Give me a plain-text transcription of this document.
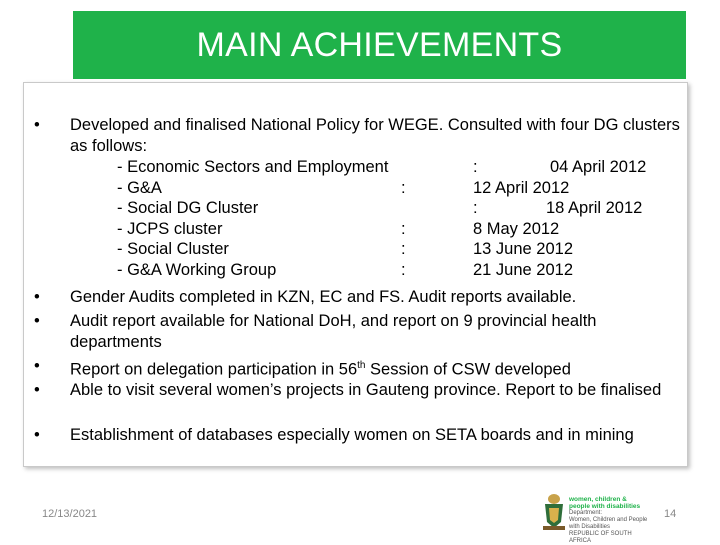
MAIN ACHIEVEMENTS
•	Developed and finalised National Policy for WEGE. Consulted with four DG clusters as follows:
- Economic Sectors and Employment	:	04 April 2012
- G&A	:	12 April 2012
- Social DG Cluster	:	18 April 2012
- JCPS cluster	:	8 May 2012
- Social Cluster	:	13 June 2012
- G&A Working Group	:	21 June 2012
•	Gender Audits completed in KZN, EC and FS. Audit reports available.
•	Audit report available for National DoH, and report on 9 provincial health departments
•	Report on delegation participation in 56th Session of CSW developed
•	Able to visit several women’s projects in Gauteng province. Report to be finalised
•	Establishment of databases especially women on SETA boards and in mining
12/13/2021
women, children &
people with disabilities
Department:
Women, Children and People with Disabilities
REPUBLIC OF SOUTH AFRICA
14
